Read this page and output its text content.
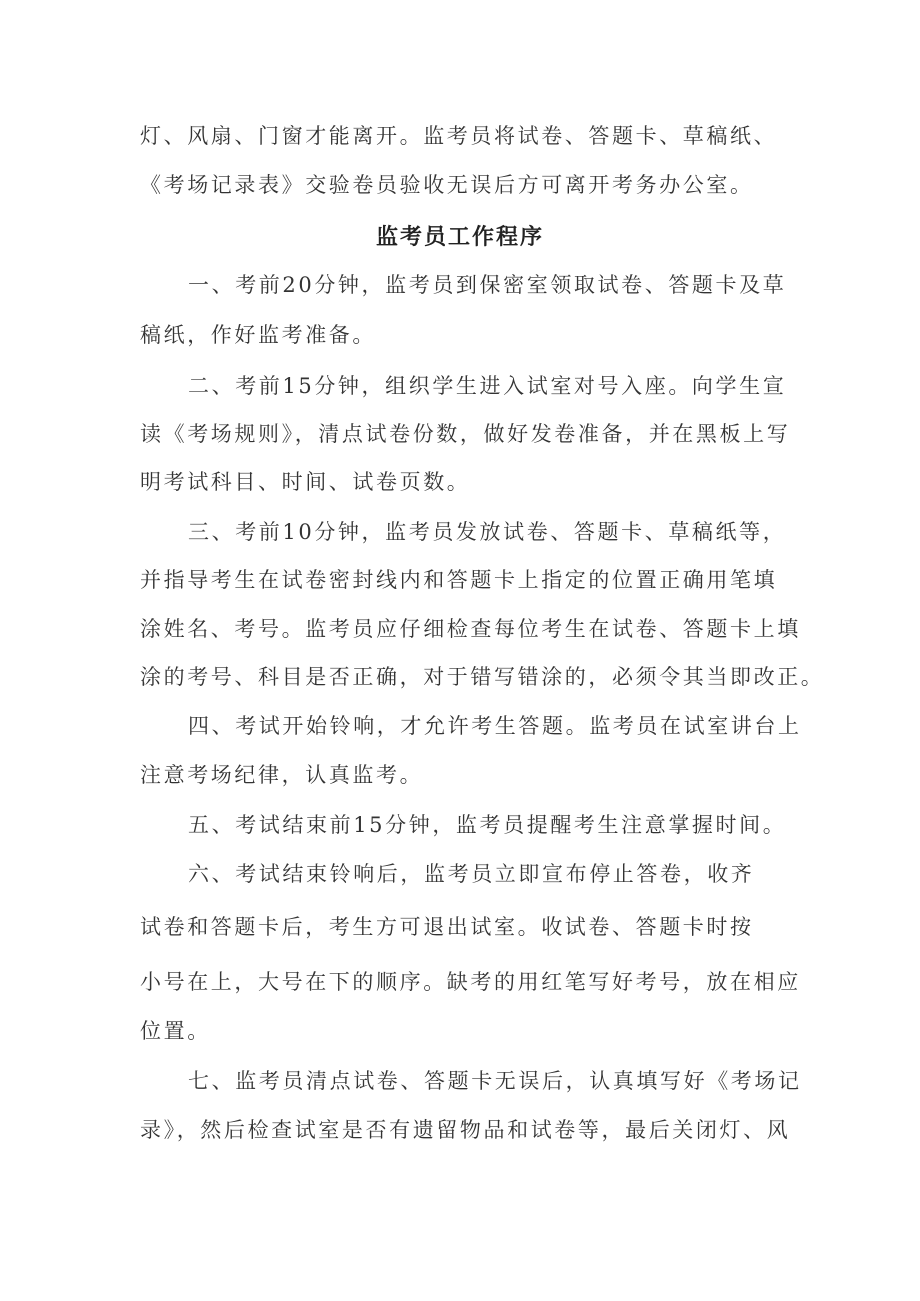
灯、风扇、门窗才能离开。监考员将试卷、答题卡、草稿纸、
《考场记录表》交验卷员验收无误后方可离开考务办公室。
监考员工作程序
一、考前20分钟，监考员到保密室领取试卷、答题卡及草
稿纸，作好监考准备。
二、考前15分钟，组织学生进入试室对号入座。向学生宣
读《考场规则》，清点试卷份数，做好发卷准备，并在黑板上写
明考试科目、时间、试卷页数。
三、考前10分钟，监考员发放试卷、答题卡、草稿纸等，
并指导考生在试卷密封线内和答题卡上指定的位置正确用笔填
涂姓名、考号。监考员应仔细检查每位考生在试卷、答题卡上填
涂的考号、科目是否正确，对于错写错涂的，必须令其当即改正。
四、考试开始铃响，才允许考生答题。监考员在试室讲台上
注意考场纪律，认真监考。
五、考试结束前15分钟，监考员提醒考生注意掌握时间。
六、考试结束铃响后，监考员立即宣布停止答卷，收齐
试卷和答题卡后，考生方可退出试室。收试卷、答题卡时按
小号在上，大号在下的顺序。缺考的用红笔写好考号，放在相应
位置。
七、监考员清点试卷、答题卡无误后，认真填写好《考场记
录》，然后检查试室是否有遗留物品和试卷等，最后关闭灯、风
